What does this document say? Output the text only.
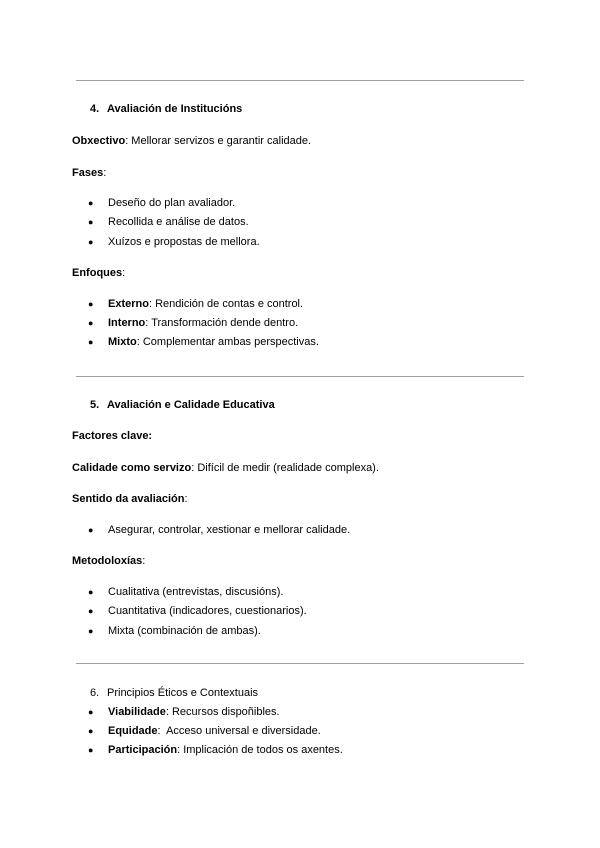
4. Avaliación de Institucións
Obxectivo: Mellorar servizos e garantir calidade.
Fases:
● Deseño do plan avaliador.
● Recollida e análise de datos.
● Xuízos e propostas de mellora.
Enfoques:
● Externo: Rendición de contas e control.
● Interno: Transformación dende dentro.
● Mixto: Complementar ambas perspectivas.
5. Avaliación e Calidade Educativa
Factores clave:
Calidade como servizo: Difícil de medir (realidade complexa).
Sentido da avaliación:
● Asegurar, controlar, xestionar e mellorar calidade.
Metodoloxías:
● Cualitativa (entrevistas, discusións).
● Cuantitativa (indicadores, cuestionarios).
● Mixta (combinación de ambas).
6. Principios Éticos e Contextuais
● Viabilidade: Recursos dispoñibles.
● Equidade:  Acceso universal e diversidade.
● Participación: Implicación de todos os axentes.
